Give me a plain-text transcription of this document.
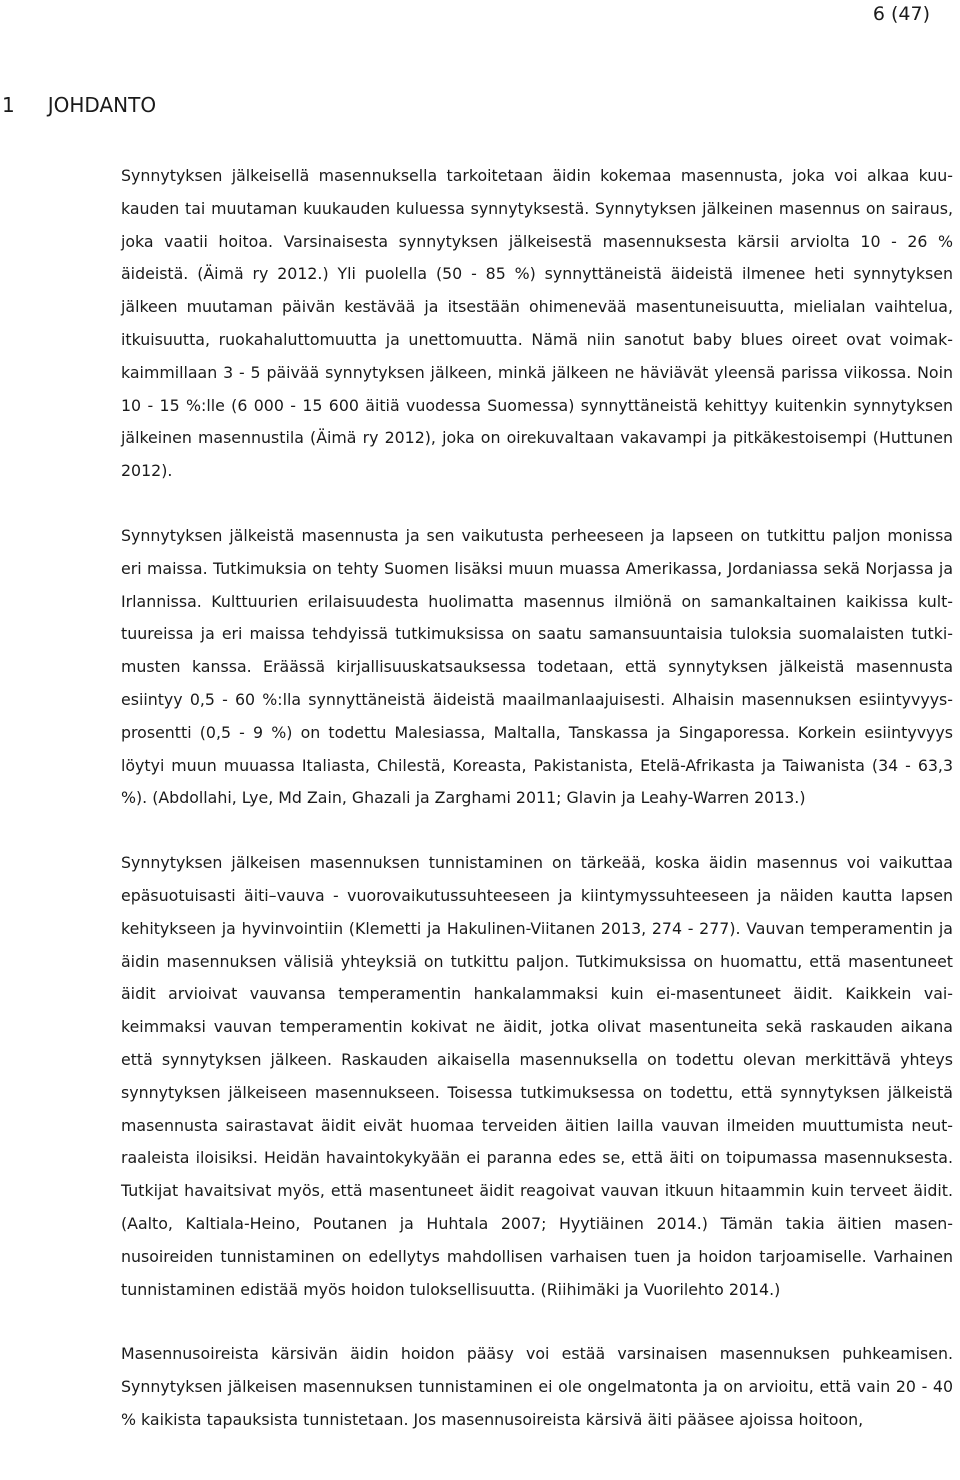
6 (47)
1 JOHDANTO

Synnytyksen jälkeisellä masennuksella tarkoitetaan äidin kokemaa masennusta, joka voi alkaa kuukauden tai muutaman kuukauden kuluessa synnytyksestä. Synnytyksen jälkeinen masennus on sairaus, joka vaatii hoitoa. Varsinaisesta synnytyksen jälkeisestä masennuksesta kärsii arviolta 10 - 26 % äideistä. (Äimä ry 2012.) Yli puolella (50 - 85 %) synnyttäneistä äideistä ilmenee heti synnytyksen jälkeen muutaman päivän kestävää ja itsestään ohimenevää masentuneisuutta, mielialan vaihtelua, itkuisuutta, ruokahaluttomuutta ja unettomuutta. Nämä niin sanotut baby blues oireet ovat voimakkaimmillaan 3 - 5 päivää synnytyksen jälkeen, minkä jälkeen ne häviävät yleensä parissa viikossa. Noin 10 - 15 %:lle (6 000 - 15 600 äitiä vuodessa Suomessa) synnyttäneistä kehittyy kuitenkin synnytyksen jälkeinen masennustila (Äimä ry 2012), joka on oirekuvaltaan vakavampi ja pitkäkestoisempi (Huttunen 2012).

Synnytyksen jälkeistä masennusta ja sen vaikutusta perheeseen ja lapseen on tutkittu paljon monissa eri maissa. Tutkimuksia on tehty Suomen lisäksi muun muassa Amerikassa, Jordaniassa sekä Norjassa ja Irlannissa. Kulttuurien erilaisuudesta huolimatta masennus ilmiönä on samankaltainen kaikissa kulttuureissa ja eri maissa tehdyissä tutkimuksissa on saatu samansuuntaisia tuloksia suomalaisten tutkimusten kanssa. Eräässä kirjallisuuskatsauksessa todetaan, että synnytyksen jälkeistä masennusta esiintyy 0,5 - 60 %:lla synnyttäneistä äideistä maailmanlaajuisesti. Alhaisin masennuksen esiintyvyysprosentti (0,5 - 9 %) on todettu Malesiassa, Maltalla, Tanskassa ja Singaporessa. Korkein esiintyvyys löytyi muun muuassa Italiasta, Chilestä, Koreasta, Pakistanista, Etelä-Afrikasta ja Taiwanista (34 - 63,3 %). (Abdollahi, Lye, Md Zain, Ghazali ja Zarghami 2011; Glavin ja Leahy-Warren 2013.)

Synnytyksen jälkeisen masennuksen tunnistaminen on tärkeää, koska äidin masennus voi vaikuttaa epäsuotuisasti äiti–vauva - vuorovaikutussuhteeseen ja kiintymyssuhteeseen ja näiden kautta lapsen kehitykseen ja hyvinvointiin (Klemetti ja Hakulinen-Viitanen 2013, 274 - 277). Vauvan temperamentin ja äidin masennuksen välisiä yhteyksiä on tutkittu paljon. Tutkimuksissa on huomattu, että masentuneet äidit arvioivat vauvansa temperamentin hankalammaksi kuin ei-masentuneet äidit. Kaikkein vaikeimmaksi vauvan temperamentin kokivat ne äidit, jotka olivat masentuneita sekä raskauden aikana että synnytyksen jälkeen. Raskauden aikaisella masennuksella on todettu olevan merkittävä yhteys synnytyksen jälkeiseen masennukseen. Toisessa tutkimuksessa on todettu, että synnytyksen jälkeistä masennusta sairastavat äidit eivät huomaa terveiden äitien lailla vauvan ilmeiden muuttumista neutraaleista iloisiksi. Heidän havaintokykyään ei paranna edes se, että äiti on toipumassa masennuksesta. Tutkijat havaitsivat myös, että masentuneet äidit reagoivat vauvan itkuun hitaammin kuin terveet äidit. (Aalto, Kaltiala-Heino, Poutanen ja Huhtala 2007; Hyytiäinen 2014.) Tämän takia äitien masennusoireiden tunnistaminen on edellytys mahdollisen varhaisen tuen ja hoidon tarjoamiselle. Varhainen tunnistaminen edistää myös hoidon tuloksellisuutta. (Riihimäki ja Vuorilehto 2014.)

Masennusoireista kärsivän äidin hoidon pääsy voi estää varsinaisen masennuksen puhkeamisen. Synnytyksen jälkeisen masennuksen tunnistaminen ei ole ongelmatonta ja on arvioitu, että vain 20 - 40 % kaikista tapauksista tunnistetaan. Jos masennusoireista kärsivä äiti pääsee ajoissa hoitoon,
